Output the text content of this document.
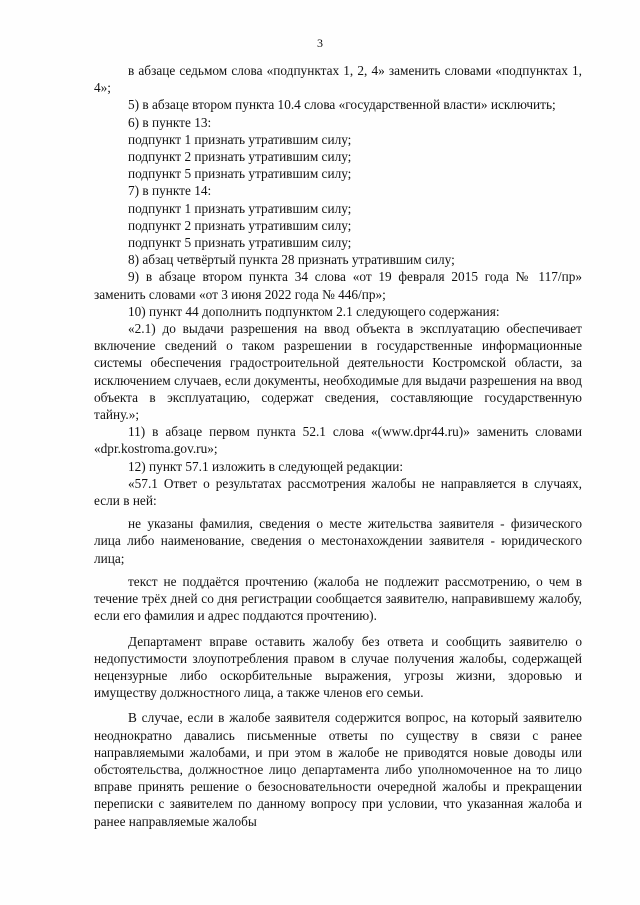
3

в абзаце седьмом слова «подпунктах 1, 2, 4» заменить словами «подпунктах 1, 4»;

5) в абзаце втором пункта 10.4 слова «государственной власти» исключить;

6) в пункте 13:

подпункт 1 признать утратившим силу;

подпункт 2 признать утратившим силу;

подпункт 5 признать утратившим силу;

7) в пункте 14:

подпункт 1 признать утратившим силу;

подпункт 2 признать утратившим силу;

подпункт 5 признать утратившим силу;

8) абзац четвёртый пункта 28 признать утратившим силу;

9) в абзаце втором пункта 34 слова «от 19 февраля 2015 года № 117/пр» заменить словами «от 3 июня 2022 года № 446/пр»;

10) пункт 44 дополнить подпунктом 2.1 следующего содержания:

«2.1) до выдачи разрешения на ввод объекта в эксплуатацию обеспечивает включение сведений о таком разрешении в государственные информационные системы обеспечения градостроительной деятельности Костромской области, за исключением случаев, если документы, необходимые для выдачи разрешения на ввод объекта в эксплуатацию, содержат сведения, составляющие государственную тайну.»;

11) в абзаце первом пункта 52.1 слова «(www.dpr44.ru)» заменить словами «dpr.kostroma.gov.ru»;

12) пункт 57.1 изложить в следующей редакции:

«57.1 Ответ о результатах рассмотрения жалобы не направляется в случаях, если в ней:

не указаны фамилия, сведения о месте жительства заявителя - физического лица либо наименование, сведения о местонахождении заявителя - юридического лица;

текст не поддаётся прочтению (жалоба не подлежит рассмотрению, о чем в течение трёх дней со дня регистрации сообщается заявителю, направившему жалобу, если его фамилия и адрес поддаются прочтению).

Департамент вправе оставить жалобу без ответа и сообщить заявителю о недопустимости злоупотребления правом в случае получения жалобы, содержащей нецензурные либо оскорбительные выражения, угрозы жизни, здоровью и имуществу должностного лица, а также членов его семьи.

В случае, если в жалобе заявителя содержится вопрос, на который заявителю неоднократно давались письменные ответы по существу в связи с ранее направляемыми жалобами, и при этом в жалобе не приводятся новые доводы или обстоятельства, должностное лицо департамента либо уполномоченное на то лицо вправе принять решение о безосновательности очередной жалобы и прекращении переписки с заявителем по данному вопросу при условии, что указанная жалоба и ранее направляемые жалобы
